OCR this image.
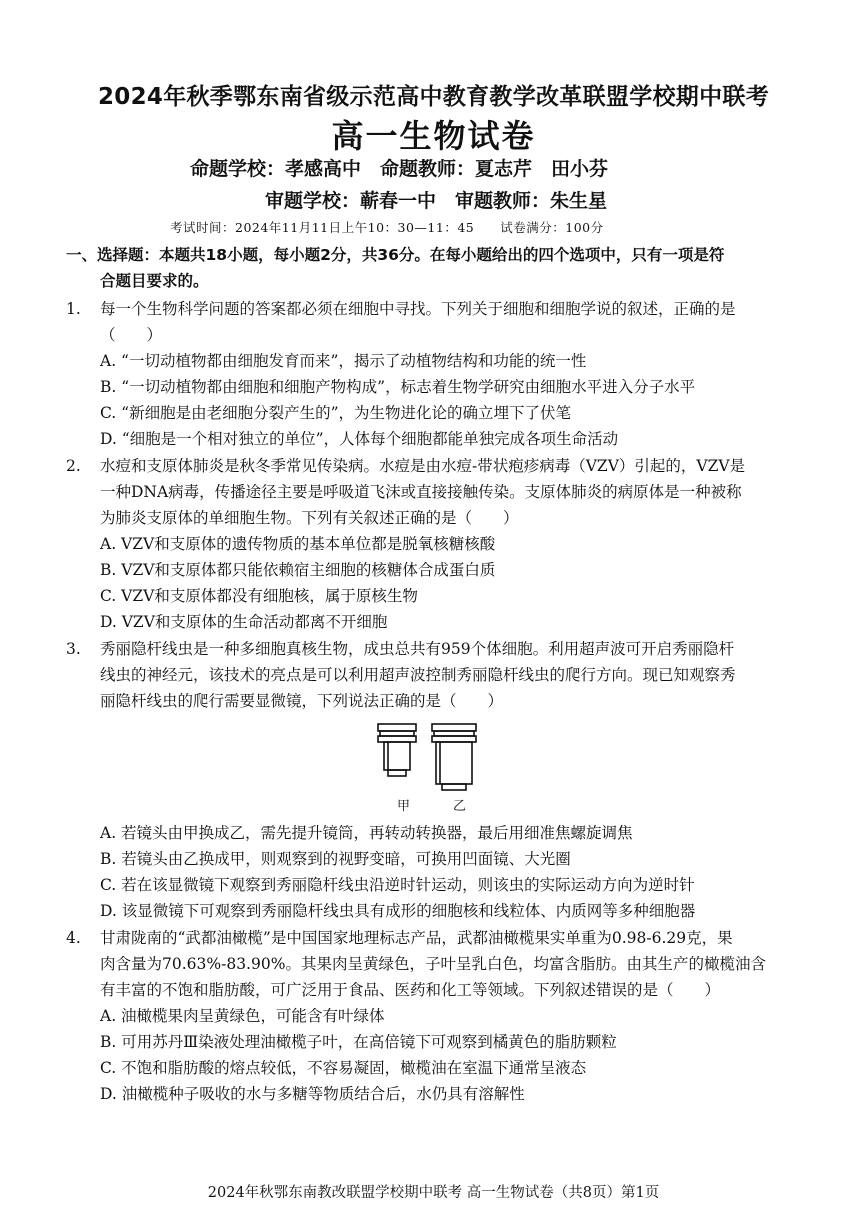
2024年秋季鄂东南省级示范高中教育教学改革联盟学校期中联考
高一生物试卷
命题学校：孝感高中　命题教师：夏志芹　田小芬
审题学校：蕲春一中　审题教师：朱生星
考试时间：2024年11月11日上午10：30—11：45　　试卷满分：100分
一、选择题：本题共18小题，每小题2分，共36分。在每小题给出的四个选项中，只有一项是符
合题目要求的。
1. 每一个生物科学问题的答案都必须在细胞中寻找。下列关于细胞和细胞学说的叙述，正确的是
（　　）
A. “一切动植物都由细胞发育而来”，揭示了动植物结构和功能的统一性
B. “一切动植物都由细胞和细胞产物构成”，标志着生物学研究由细胞水平进入分子水平
C. “新细胞是由老细胞分裂产生的”，为生物进化论的确立埋下了伏笔
D. “细胞是一个相对独立的单位”，人体每个细胞都能单独完成各项生命活动
2. 水痘和支原体肺炎是秋冬季常见传染病。水痘是由水痘-带状疱疹病毒（VZV）引起的，VZV是
一种DNA病毒，传播途径主要是呼吸道飞沫或直接接触传染。支原体肺炎的病原体是一种被称
为肺炎支原体的单细胞生物。下列有关叙述正确的是（　　）
A. VZV和支原体的遗传物质的基本单位都是脱氧核糖核酸
B. VZV和支原体都只能依赖宿主细胞的核糖体合成蛋白质
C. VZV和支原体都没有细胞核，属于原核生物
D. VZV和支原体的生命活动都离不开细胞
3. 秀丽隐杆线虫是一种多细胞真核生物，成虫总共有959个体细胞。利用超声波可开启秀丽隐杆
线虫的神经元，该技术的亮点是可以利用超声波控制秀丽隐杆线虫的爬行方向。现已知观察秀
丽隐杆线虫的爬行需要显微镜，下列说法正确的是（　　）
甲	乙
A. 若镜头由甲换成乙，需先提升镜筒，再转动转换器，最后用细准焦螺旋调焦
B. 若镜头由乙换成甲，则观察到的视野变暗，可换用凹面镜、大光圈
C. 若在该显微镜下观察到秀丽隐杆线虫沿逆时针运动，则该虫的实际运动方向为逆时针
D. 该显微镜下可观察到秀丽隐杆线虫具有成形的细胞核和线粒体、内质网等多种细胞器
4. 甘肃陇南的“武都油橄榄”是中国国家地理标志产品，武都油橄榄果实单重为0.98-6.29克，果
肉含量为70.63%-83.90%。其果肉呈黄绿色，子叶呈乳白色，均富含脂肪。由其生产的橄榄油含
有丰富的不饱和脂肪酸，可广泛用于食品、医药和化工等领域。下列叙述错误的是（　　）
A. 油橄榄果肉呈黄绿色，可能含有叶绿体
B. 可用苏丹Ⅲ染液处理油橄榄子叶，在高倍镜下可观察到橘黄色的脂肪颗粒
C. 不饱和脂肪酸的熔点较低，不容易凝固，橄榄油在室温下通常呈液态
D. 油橄榄种子吸收的水与多糖等物质结合后，水仍具有溶解性
2024年秋鄂东南教改联盟学校期中联考 高一生物试卷（共8页）第1页
